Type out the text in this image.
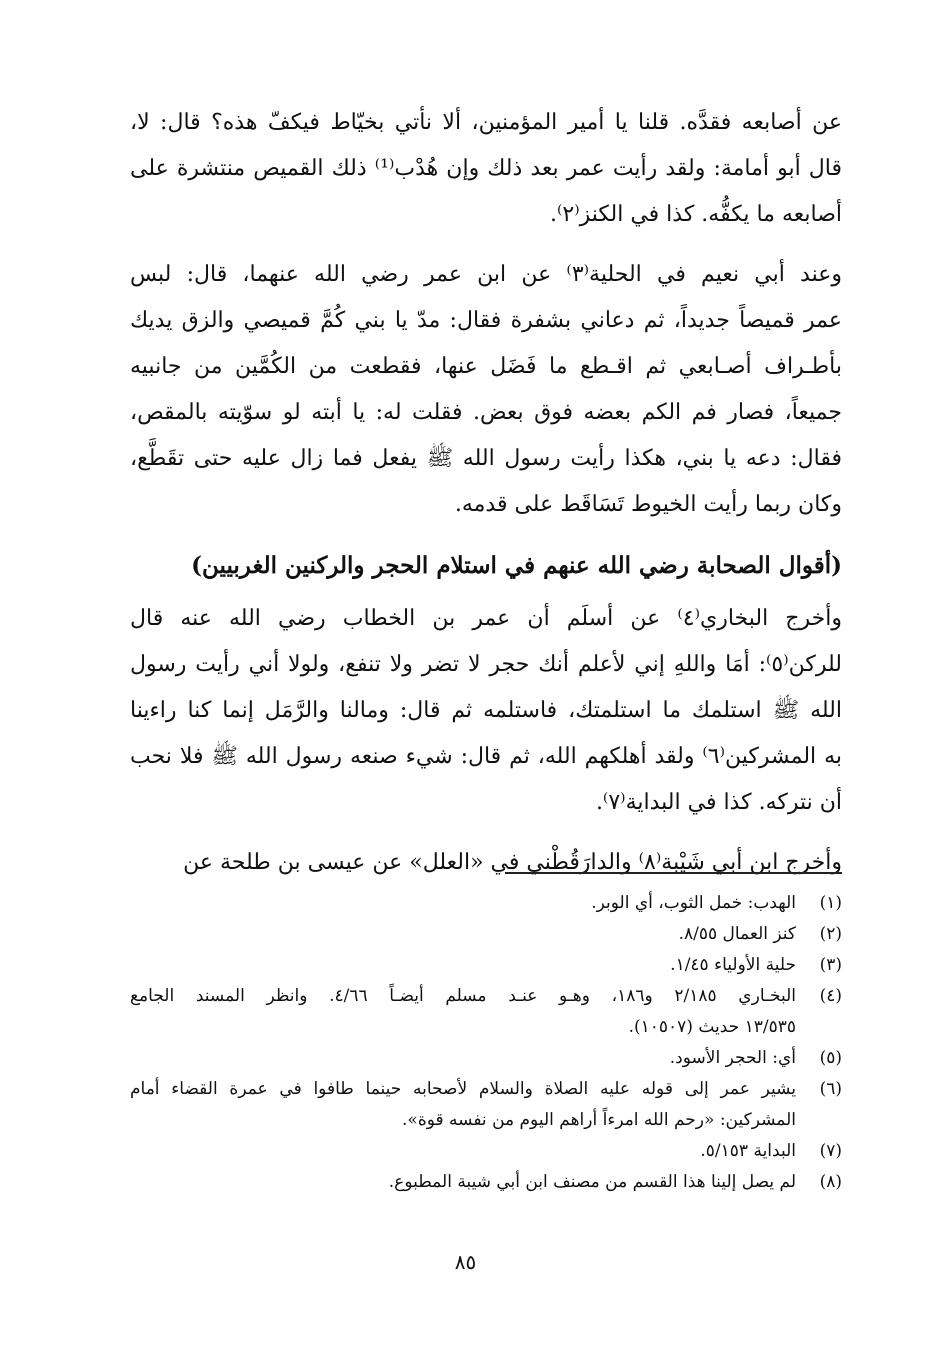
عن أصابعه فقدَّه. قلنا يا أمير المؤمنين، ألا نأتي بخيّاط فيكفّ هذه؟ قال: لا،
قال أبو أمامة: ولقد رأيت عمر بعد ذلك وإن هُدْب⁽¹⁾ ذلك القميص منتشرة على
أصابعه ما يكفُّه. كذا في الكنز⁽٢⁾.
وعند أبي نعيم في الحلية⁽٣⁾ عن ابن عمر رضي الله عنهما، قال: لبس
عمر قميصاً جديداً، ثم دعاني بشفرة فقال: مدّ يا بني كُمَّ قميصي والزق يديك
بأطـراف أصـابعي ثم اقـطع ما فَضَل عنها، فقطعت من الكُمَّين من جانبيه
جميعاً، فصار فم الكم بعضه فوق بعض. فقلت له: يا أبته لو سوّيته بالمقص،
فقال: دعه يا بني، هكذا رأيت رسول الله ﷺ يفعل فما زال عليه حتى تقَطَّع،
وكان ربما رأيت الخيوط تَسَاقَط على قدمه.
(أقوال الصحابة رضي الله عنهم في استلام الحجر والركنين الغربيين)
وأخرج البخاري⁽٤⁾ عن أسلَم أن عمر بن الخطاب رضي الله عنه قال
للركن⁽٥⁾: أمَا واللهِ إني لأعلم أنك حجر لا تضر ولا تنفع، ولولا أني رأيت رسول
الله ﷺ استلمك ما استلمتك، فاستلمه ثم قال: ومالنا والرَّمَل إنما كنا راءينا
به المشركين⁽٦⁾ ولقد أهلكهم الله، ثم قال: شيء صنعه رسول الله ﷺ فلا نحب
أن نتركه. كذا في البداية⁽٧⁾.
وأخرج ابن أبي شَيْبة⁽٨⁾ والدارَقُطْني في «العلل» عن عيسى بن طلحة عن
(١)
الهدب: خمل الثوب، أي الوبر.
(٢)
كنز العمال ٨/٥٥.
(٣)
حلية الأولياء ١/٤٥.
(٤)
البخـاري ٢/١٨٥ و١٨٦، وهـو عنـد مسلم أيضـاً ٤/٦٦. وانظر المسند الجامع
١٣/٥٣٥ حديث (١٠٥٠٧).
(٥)
أي: الحجر الأسود.
(٦)
يشير عمر إلى قوله عليه الصلاة والسلام لأصحابه حينما طافوا في عمرة القضاء أمام
المشركين: «رحم الله امرءاً أراهم اليوم من نفسه قوة».
(٧)
البداية ٥/١٥٣.
(٨)
لم يصل إلينا هذا القسم من مصنف ابن أبي شيبة المطبوع.
٨٥
